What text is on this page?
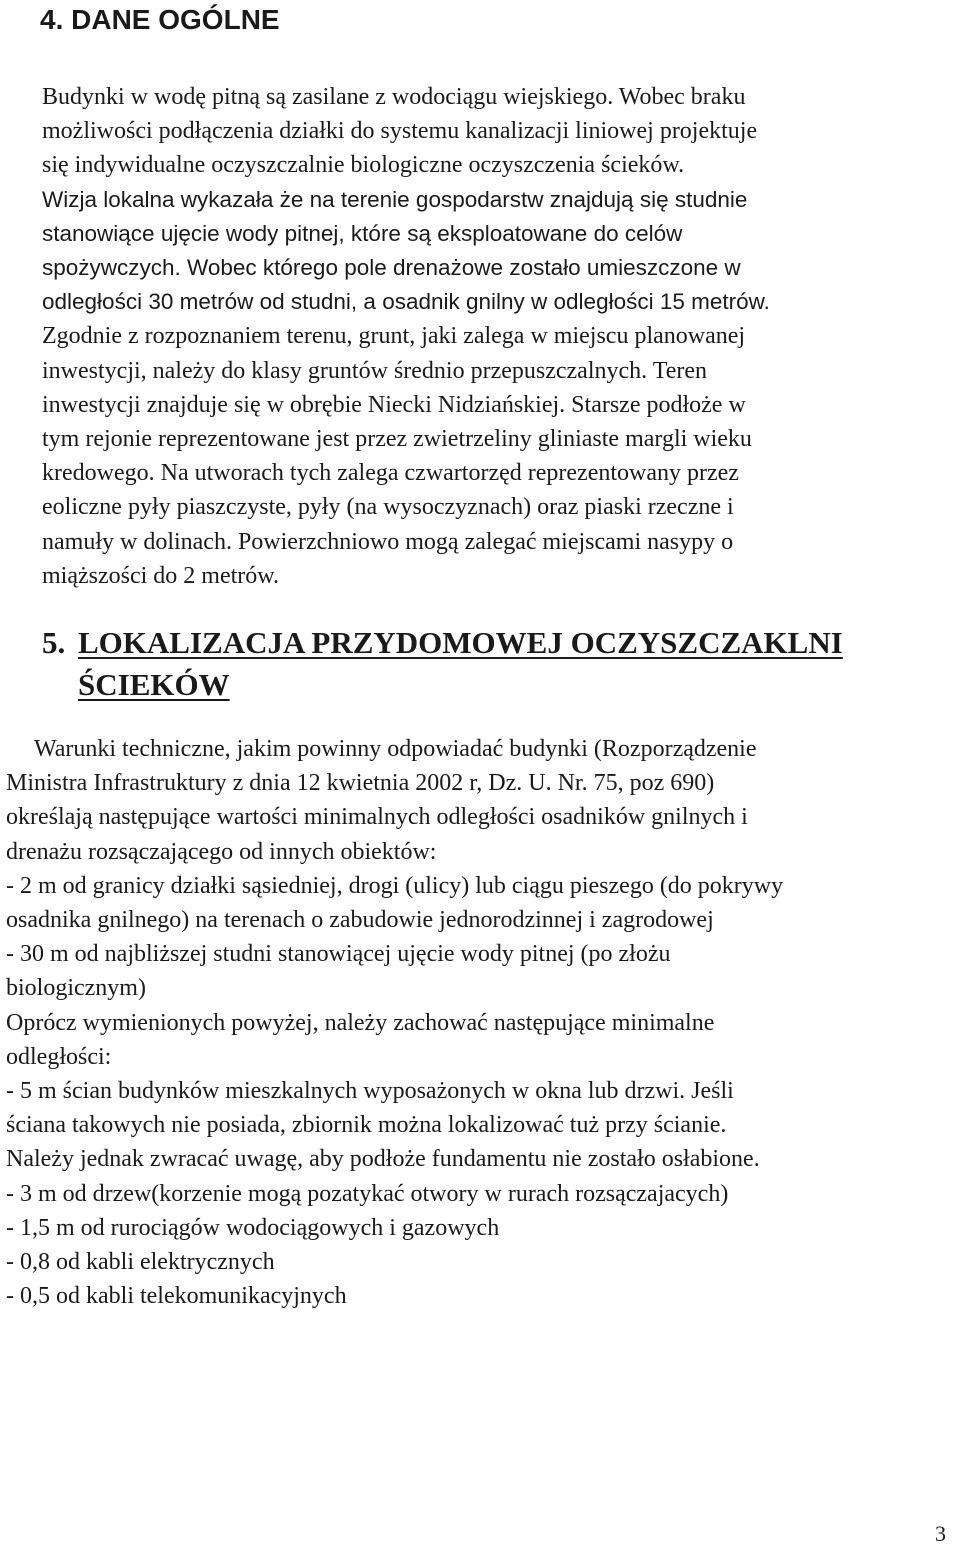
4. DANE OGÓLNE
Budynki w wodę pitną są zasilane z wodociągu wiejskiego. Wobec braku
możliwości podłączenia działki do systemu kanalizacji liniowej projektuje
się indywidualne oczyszczalnie biologiczne oczyszczenia ścieków.
Wizja lokalna wykazała że na terenie gospodarstw znajdują się studnie
stanowiące ujęcie wody pitnej, które są eksploatowane do celów
spożywczych. Wobec którego pole drenażowe zostało umieszczone w
odległości 30 metrów od studni, a osadnik gnilny w odległości 15 metrów.
Zgodnie z rozpoznaniem terenu, grunt, jaki zalega w miejscu planowanej
inwestycji, należy do klasy gruntów średnio przepuszczalnych. Teren
inwestycji znajduje się w obrębie Niecki Nidziańskiej. Starsze podłoże w
tym rejonie reprezentowane jest przez zwietrzeliny gliniaste margli wieku
kredowego. Na utworach tych zalega czwartorzęd reprezentowany przez
eoliczne pyły piaszczyste, pyły (na wysoczyznach) oraz piaski rzeczne i
namuły w dolinach. Powierzchniowo mogą zalegać miejscami nasypy o
miąższości do 2 metrów.
5. LOKALIZACJA PRZYDOMOWEJ OCZYSZCZAKLNI
ŚCIEKÓW
Warunki techniczne, jakim powinny odpowiadać budynki (Rozporządzenie
Ministra Infrastruktury z dnia 12 kwietnia 2002 r, Dz. U. Nr. 75, poz 690)
określają następujące wartości minimalnych odległości osadników gnilnych i
drenażu rozsączającego od innych obiektów:
- 2 m od granicy działki sąsiedniej, drogi (ulicy) lub ciągu pieszego (do pokrywy
osadnika gnilnego) na terenach o zabudowie jednorodzinnej i zagrodowej
- 30 m od najbliższej studni stanowiącej ujęcie wody pitnej (po złożu
biologicznym)
Oprócz wymienionych powyżej, należy zachować następujące minimalne
odległości:
- 5 m ścian budynków mieszkalnych wyposażonych w okna lub drzwi. Jeśli
ściana takowych nie posiada, zbiornik można lokalizować tuż przy ścianie.
Należy jednak zwracać uwagę, aby podłoże fundamentu nie zostało osłabione.
- 3 m od drzew(korzenie mogą pozatykać otwory w rurach rozsączajacych)
- 1,5 m od rurociągów wodociągowych i gazowych
- 0,8 od kabli elektrycznych
- 0,5 od kabli telekomunikacyjnych
3
